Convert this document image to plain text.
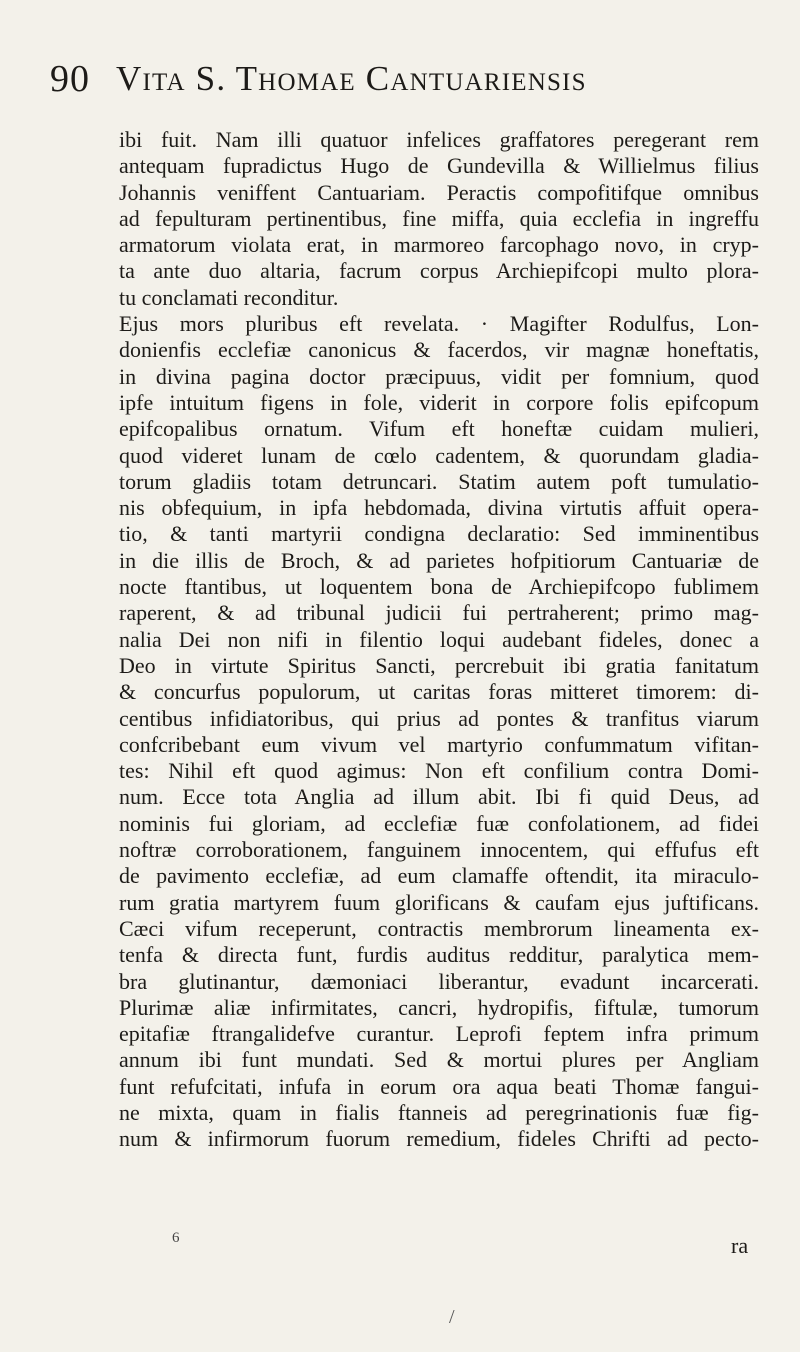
90 Vita S. Thomae Cantuariensis
ibi fuit. Nam illi quatuor infelices graffatores peregerant rem
antequam fupradictus Hugo de Gundevilla & Willielmus filius
Johannis veniffent Cantuariam. Peractis compofitifque omnibus
ad fepulturam pertinentibus, fine miffa, quia ecclefia in ingreffu
armatorum violata erat, in marmoreo farcophago novo, in cryp-
ta ante duo altaria, facrum corpus Archiepifcopi multo plora-
tu conclamati reconditur.
Ejus mors pluribus eft revelata. · Magifter Rodulfus, Lon-
donienfis ecclefiæ canonicus & facerdos, vir magnæ honeftatis,
in divina pagina doctor præcipuus, vidit per fomnium, quod
ipfe intuitum figens in fole, viderit in corpore folis epifcopum
epifcopalibus ornatum. Vifum eft honeftæ cuidam mulieri,
quod videret lunam de cœlo cadentem, & quorundam gladia-
torum gladiis totam detruncari. Statim autem poft tumulatio-
nis obfequium, in ipfa hebdomada, divina virtutis affuit opera-
tio, & tanti martyrii condigna declaratio: Sed imminentibus
in die illis de Broch, & ad parietes hofpitiorum Cantuariæ de
nocte ftantibus, ut loquentem bona de Archiepifcopo fublimem
raperent, & ad tribunal judicii fui pertraherent; primo mag-
nalia Dei non nifi in filentio loqui audebant fideles, donec a
Deo in virtute Spiritus Sancti, percrebuit ibi gratia fanitatum
& concurfus populorum, ut caritas foras mitteret timorem: di-
centibus infidiatoribus, qui prius ad pontes & tranfitus viarum
confcribebant eum vivum vel martyrio confummatum vifitan-
tes: Nihil eft quod agimus: Non eft confilium contra Domi-
num. Ecce tota Anglia ad illum abit. Ibi fi quid Deus, ad
nominis fui gloriam, ad ecclefiæ fuæ confolationem, ad fidei
noftræ corroborationem, fanguinem innocentem, qui effufus eft
de pavimento ecclefiæ, ad eum clamaffe oftendit, ita miraculo-
rum gratia martyrem fuum glorificans & caufam ejus juftificans.
Cæci vifum receperunt, contractis membrorum lineamenta ex-
tenfa & directa funt, furdis auditus redditur, paralytica mem-
bra glutinantur, dæmoniaci liberantur, evadunt incarcerati.
Plurimæ aliæ infirmitates, cancri, hydropifis, fiftulæ, tumorum
epitafiæ ftrangalidefve curantur. Leprofi feptem infra primum
annum ibi funt mundati. Sed & mortui plures per Angliam
funt refufcitati, infufa in eorum ora aqua beati Thomæ fangui-
ne mixta, quam in fialis ftanneis ad peregrinationis fuæ fig-
num & infirmorum fuorum remedium, fideles Chrifti ad pecto-
6	ra
/
